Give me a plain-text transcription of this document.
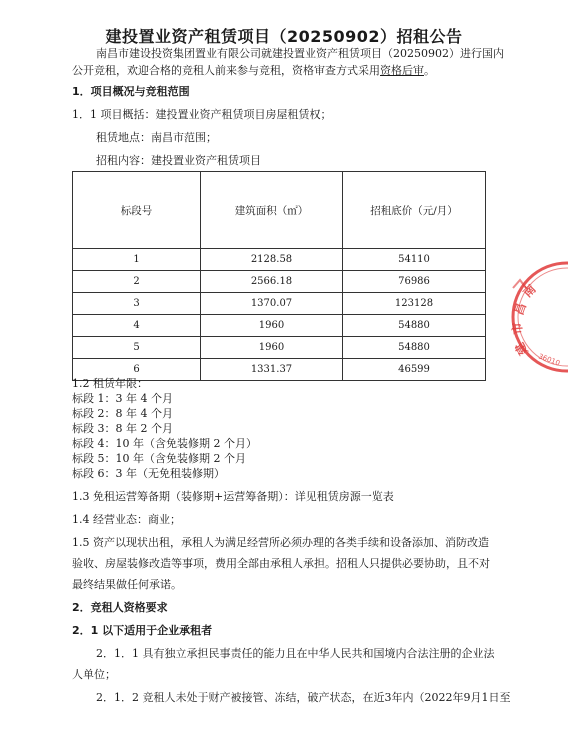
建投置业资产租赁项目（20250902）招租公告
南昌市建设投资集团置业有限公司就建投置业资产租赁项目（20250902）进行国内
公开竞租，欢迎合格的竞租人前来参与竞租，资格审查方式采用资格后审。
1．项目概况与竞租范围
1．1 项目概括：建投置业资产租赁项目房屋租赁权；
租赁地点：南昌市范围；
招租内容：建投置业资产租赁项目
标段号	建筑面积（㎡）	招租底价（元/月）
1	2128.58	54110
2	2566.18	76986
3	1370.07	123128
4	1960	54880
5	1960	54880
6	1331.37	46599
1.2 租赁年限：
标段 1：3 年 4 个月
标段 2：8 年 4 个月
标段 3：8 年 2 个月
标段 4：10 年（含免装修期 2 个月）
标段 5：10 年（含免装修期 2 个月
标段 6：3 年（无免租装修期）
1.3 免租运营筹备期（装修期+运营筹备期）：详见租赁房源一览表
1.4 经营业态：商业；
1.5 资产以现状出租，承租人为满足经营所必须办理的各类手续和设备添加、消防改造
验收、房屋装修改造等事项，费用全部由承租人承担。招租人只提供必要协助，且不对
最终结果做任何承诺。
2．竞租人资格要求
2．1 以下适用于企业承租者
2．1．1 具有独立承担民事责任的能力且在中华人民共和国境内合法注册的企业法
人单位；
2．1．2 竞租人未处于财产被接管、冻结，破产状态，在近3年内（2022年9月1日至
南
昌
市
建
36010
